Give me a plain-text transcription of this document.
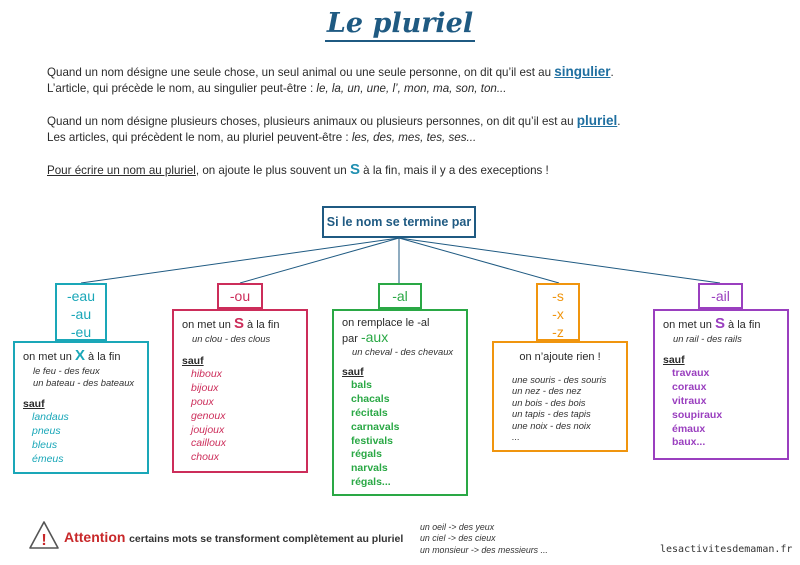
Le pluriel
Quand un nom désigne une seule chose, un seul animal ou une seule personne, on dit qu’il est au singulier.
L’article, qui précède le nom, au singulier peut-être : le, la, un, une, l’, mon, ma, son, ton...
Quand un nom désigne plusieurs choses, plusieurs animaux ou plusieurs personnes, on dit qu’il est au pluriel.
Les articles, qui précèdent le nom, au pluriel peuvent-être : les, des, mes, tes, ses...
Pour écrire un nom au pluriel, on ajoute le plus souvent un S à la fin, mais il y a des execeptions !
Si le nom se termine par
-eau
-au
-eu
on met un X à la fin
le feu - des feux
un bateau - des bateaux
sauf
landaus
pneus
bleus
émeus
-ou
on met un S à la fin
un clou - des clous
sauf
hiboux
bijoux
poux
genoux
joujoux
cailloux
choux
-al
on remplace le -al
par -aux
un cheval - des chevaux
sauf
bals
chacals
récitals
carnavals
festivals
régals
narvals
régals...
-s
-x
-z
on n’ajoute rien !
une souris - des souris
un nez - des nez
un bois - des bois
un tapis - des tapis
une noix - des noix
...
-ail
on met un S à la fin
un rail - des rails
sauf
travaux
coraux
vitraux
soupiraux
émaux
baux...
! Attention certains mots se transforment complètement au pluriel
un oeil -> des yeux
un ciel -> des cieux
un monsieur -> des messieurs ...	lesactivitesdemaman.fr
